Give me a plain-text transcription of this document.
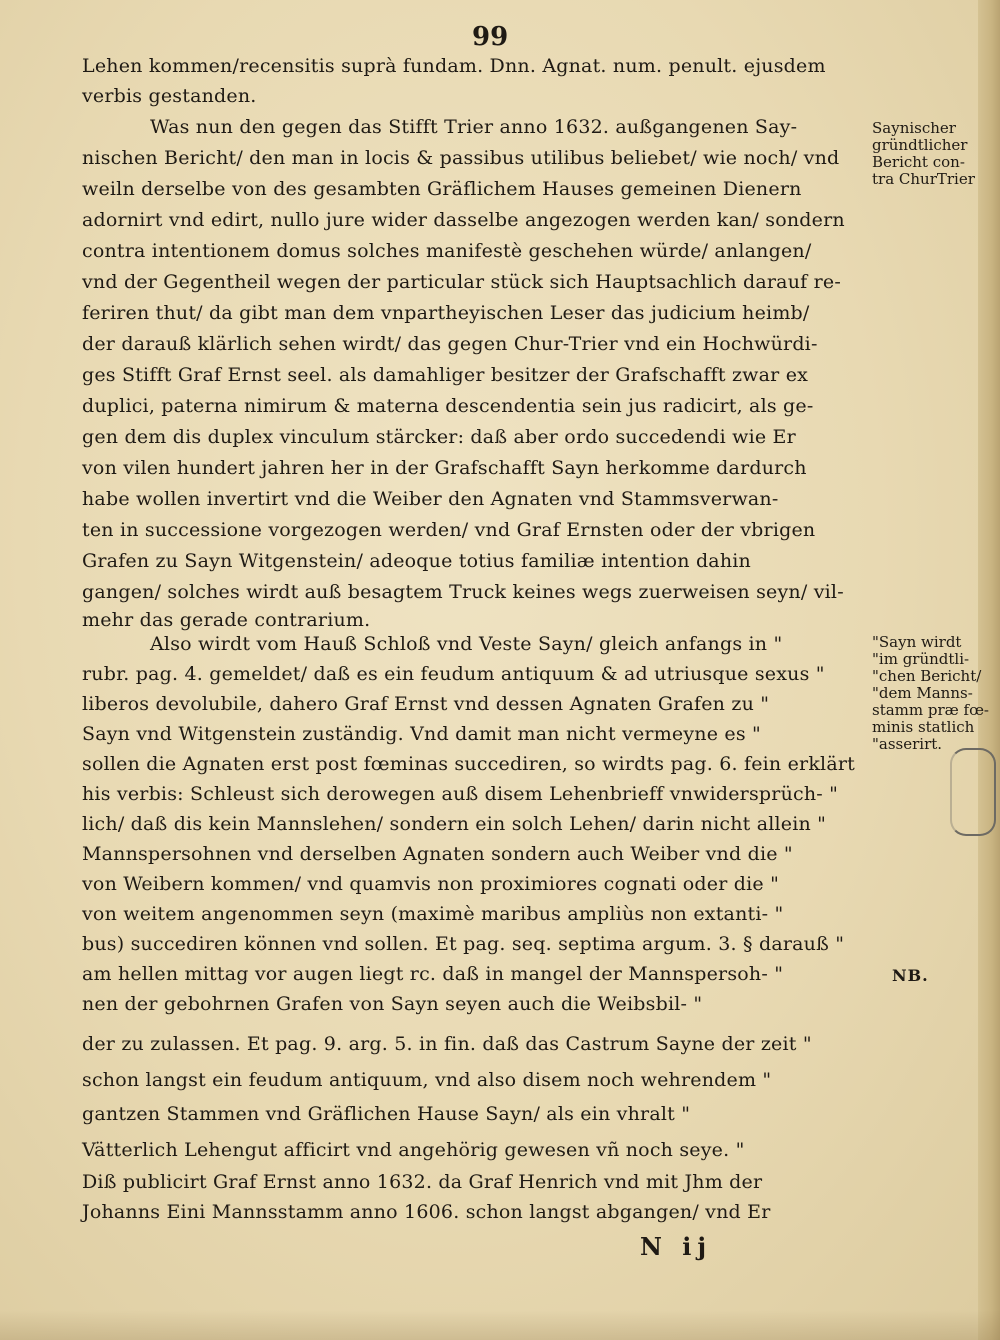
99
Lehen kommen/recensitis suprà fundam. Dnn. Agnat. num. penult. ejusdem
verbis gestanden.
Was nun den gegen das Stifft Trier anno 1632. außgangenen Say-
nischen Bericht/ den man in locis & passibus utilibus beliebet/ wie noch/ vnd
weiln derselbe von des gesambten Gräflichem Hauses gemeinen Dienern
adornirt vnd edirt, nullo jure wider dasselbe angezogen werden kan/ sondern
contra intentionem domus solches manifestè geschehen würde/ anlangen/
vnd der Gegentheil wegen der particular stück sich Hauptsachlich darauf re-
feriren thut/ da gibt man dem vnpartheyischen Leser das judicium heimb/
der darauß klärlich sehen wirdt/ das gegen Chur-Trier vnd ein Hochwürdi-
ges Stifft Graf Ernst seel. als damahliger besitzer der Grafschafft zwar ex
duplici, paterna nimirum & materna descendentia sein jus radicirt, als ge-
gen dem dis duplex vinculum stärcker: daß aber ordo succedendi wie Er
von vilen hundert jahren her in der Grafschafft Sayn herkomme dardurch
habe wollen invertirt vnd die Weiber den Agnaten vnd Stammsverwan-
ten in successione vorgezogen werden/ vnd Graf Ernsten oder der vbrigen
Grafen zu Sayn Witgenstein/ adeoque totius familiæ intention dahin
gangen/ solches wirdt auß besagtem Truck keines wegs zuerweisen seyn/ vil-
mehr das gerade contrarium.
Also wirdt vom Hauß Schloß vnd Veste Sayn/ gleich anfangs in "
rubr. pag. 4. gemeldet/ daß es ein feudum antiquum & ad utriusque sexus "
liberos devolubile, dahero Graf Ernst vnd dessen Agnaten Grafen zu "
Sayn vnd Witgenstein zuständig. Vnd damit man nicht vermeyne es "
sollen die Agnaten erst post fœminas succediren, so wirdts pag. 6. fein erklärt
his verbis: Schleust sich derowegen auß disem Lehenbrieff vnwidersprüch- "
lich/ daß dis kein Mannslehen/ sondern ein solch Lehen/ darin nicht allein "
Mannspersohnen vnd derselben Agnaten sondern auch Weiber vnd die "
von Weibern kommen/ vnd quamvis non proximiores cognati oder die "
von weitem angenommen seyn (maximè maribus ampliùs non extanti- "
bus) succediren können vnd sollen. Et pag. seq. septima argum. 3. § darauß "
am hellen mittag vor augen liegt rc. daß in mangel der Mannspersoh- "
nen der gebohrnen Grafen von Sayn seyen auch die Weibsbil- "
der zu zulassen. Et pag. 9. arg. 5. in fin. daß das Castrum Sayne der zeit "
schon langst ein feudum antiquum, vnd also disem noch wehrendem "
gantzen Stammen vnd Gräflichen Hause Sayn/ als ein vhralt "
Vätterlich Lehengut afficirt vnd angehörig gewesen vñ noch seye. "
Diß publicirt Graf Ernst anno 1632. da Graf Henrich vnd mit Jhm der
Johanns Eini Mannsstamm anno 1606. schon langst abgangen/ vnd Er
Saynischer
gründtlicher
Bericht con-
tra ChurTrier
"Sayn wirdt
"im gründtli-
"chen Bericht/
"dem Manns-
stamm præ fœ-
minis statlich
"asserirt.
NB.
N ij
